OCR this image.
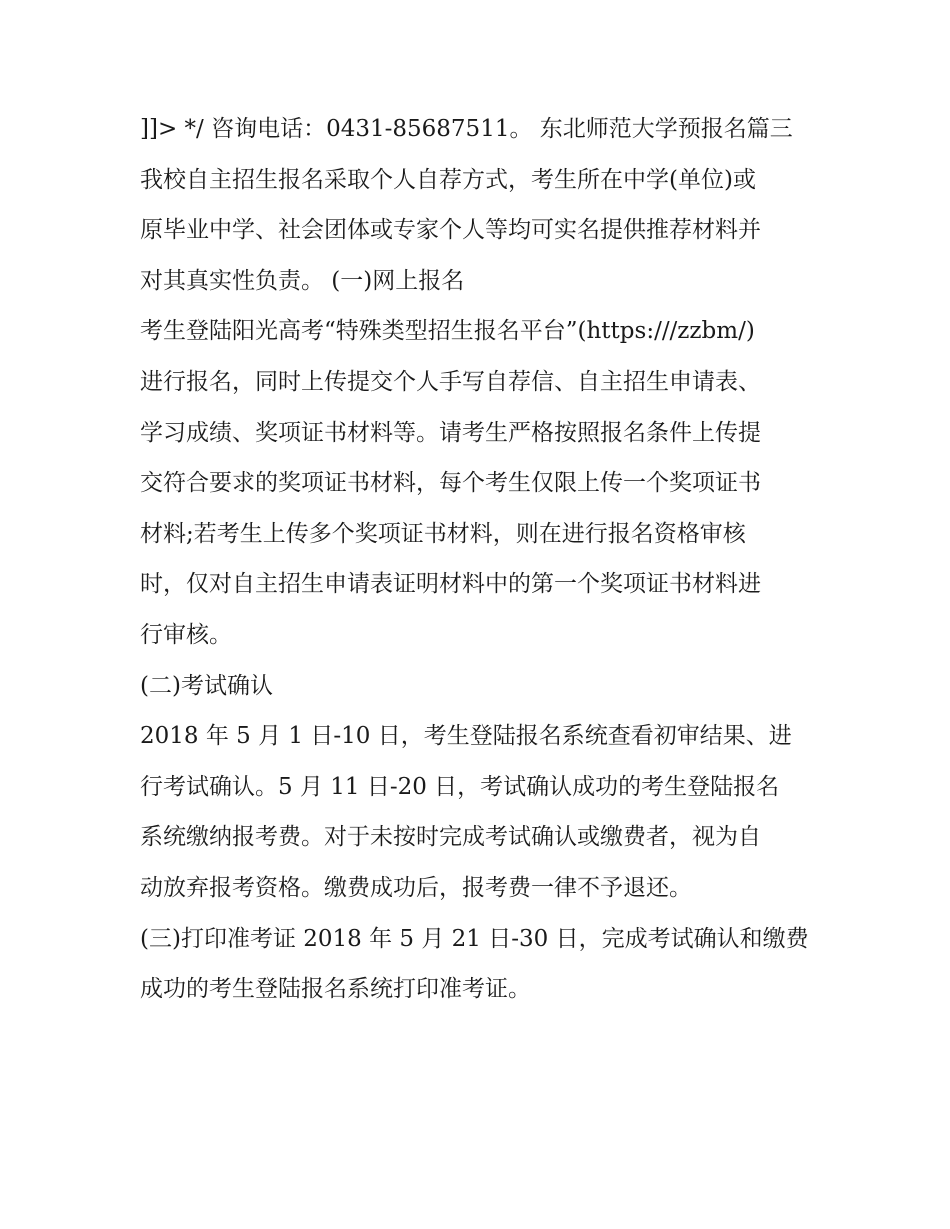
]]> */ 咨询电话：0431-85687511。 东北师范大学预报名篇三
我校自主招生报名采取个人自荐方式，考生所在中学(单位)或
原毕业中学、社会团体或专家个人等均可实名提供推荐材料并
对其真实性负责。 (一)网上报名
考生登陆阳光高考“特殊类型招生报名平台”(https:///zzbm/)
进行报名，同时上传提交个人手写自荐信、自主招生申请表、
学习成绩、奖项证书材料等。请考生严格按照报名条件上传提
交符合要求的奖项证书材料，每个考生仅限上传一个奖项证书
材料;若考生上传多个奖项证书材料，则在进行报名资格审核
时，仅对自主招生申请表证明材料中的第一个奖项证书材料进
行审核。
(二)考试确认
2018 年 5 月 1 日-10 日，考生登陆报名系统查看初审结果、进
行考试确认。5 月 11 日-20 日，考试确认成功的考生登陆报名
系统缴纳报考费。对于未按时完成考试确认或缴费者，视为自
动放弃报考资格。缴费成功后，报考费一律不予退还。
(三)打印准考证 2018 年 5 月 21 日-30 日，完成考试确认和缴费
成功的考生登陆报名系统打印准考证。
